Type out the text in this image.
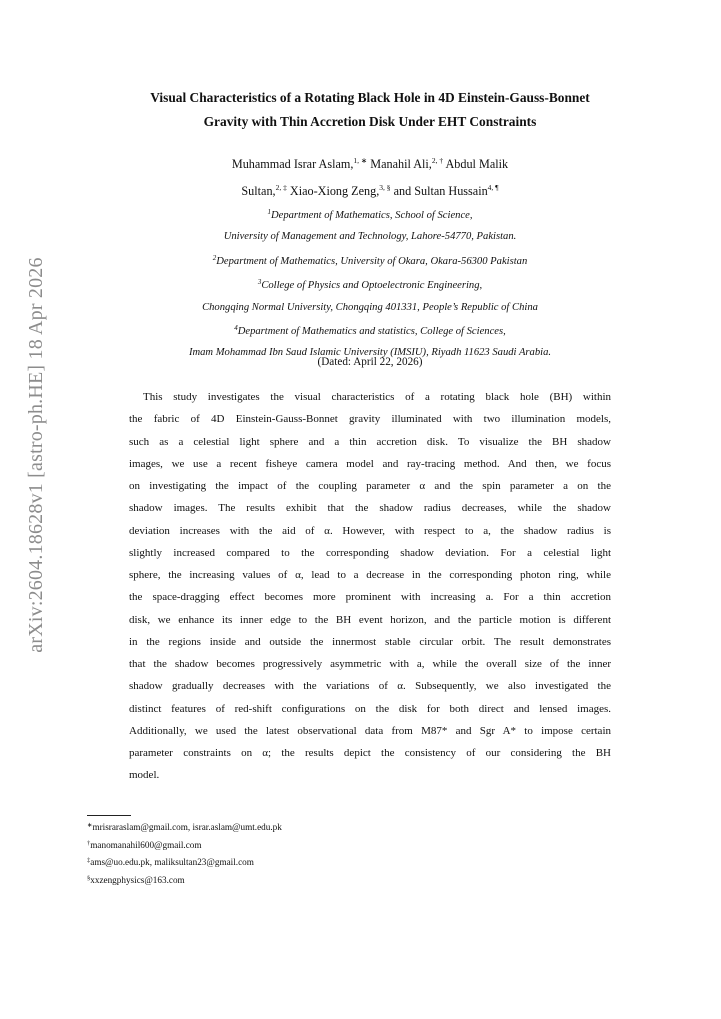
arXiv:2604.18628v1 [astro-ph.HE] 18 Apr 2026
Visual Characteristics of a Rotating Black Hole in 4D Einstein-Gauss-Bonnet
Gravity with Thin Accretion Disk Under EHT Constraints
Muhammad Israr Aslam,$^{1, ∗}$ Manahil Ali,$^{2, \dagger}$ Abdul Malik
Sultan,$^{2, \ddagger}$ Xiao-Xiong Zeng,$^{3, \S}$ and Sultan Hussain$^{4, \P}$
$^1$Department of Mathematics, School of Science,
University of Management and Technology, Lahore-54770, Pakistan.
$^2$Department of Mathematics, University of Okara, Okara-56300 Pakistan
$^3$College of Physics and Optoelectronic Engineering,
Chongqing Normal University, Chongqing 401331, People’s Republic of China
$^4$Department of Mathematics and statistics, College of Sciences,
Imam Mohammad Ibn Saud Islamic University (IMSIU), Riyadh 11623 Saudi Arabia.
(Dated: April 22, 2026)
This study investigates the visual characteristics of a rotating black hole (BH) within
the fabric of 4D Einstein-Gauss-Bonnet gravity illuminated with two illumination models,
such as a celestial light sphere and a thin accretion disk. To visualize the BH shadow
images, we use a recent fisheye camera model and ray-tracing method. And then, we focus
on investigating the impact of the coupling parameter α and the spin parameter a on the
shadow images. The results exhibit that the shadow radius decreases, while the shadow
deviation increases with the aid of α. However, with respect to a, the shadow radius is
slightly increased compared to the corresponding shadow deviation. For a celestial light
sphere, the increasing values of α, lead to a decrease in the corresponding photon ring, while
the space-dragging effect becomes more prominent with increasing a. For a thin accretion
disk, we enhance its inner edge to the BH event horizon, and the particle motion is different
in the regions inside and outside the innermost stable circular orbit. The result demonstrates
that the shadow becomes progressively asymmetric with a, while the overall size of the inner
shadow gradually decreases with the variations of α. Subsequently, we also investigated the
distinct features of red-shift configurations on the disk for both direct and lensed images.
Additionally, we used the latest observational data from M87* and Sgr A* to impose certain
parameter constraints on α; the results depict the consistency of our considering the BH
model.
∗mrisraraslam@gmail.com, israr.aslam@umt.edu.pk
†manomanahil600@gmail.com
‡ams@uo.edu.pk, maliksultan23@gmail.com
§xxzengphysics@163.com
